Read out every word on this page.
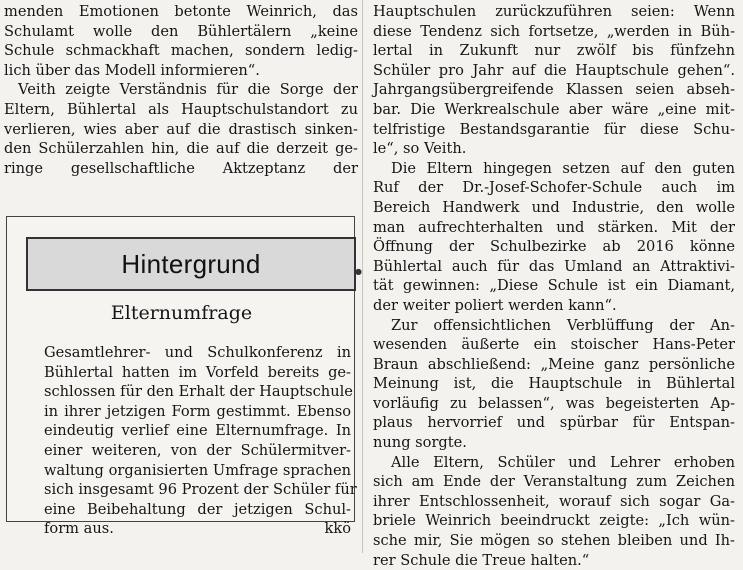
menden Emotionen betonte Weinrich, das
Schulamt wolle den Bühlertälern „keine
Schule schmackhaft machen, sondern ledig-
lich über das Modell informieren“.

Veith zeigte Verständnis für die Sorge der
Eltern, Bühlertal als Hauptschulstandort zu
verlieren, wies aber auf die drastisch sinken-
den Schülerzahlen hin, die auf die derzeit ge-
ringe gesellschaftliche Aktzeptanz der

Hintergrund	●
Elternumfrage
Gesamtlehrer- und Schulkonferenz in
Bühlertal hatten im Vorfeld bereits ge-
schlossen für den Erhalt der Hauptschule
in ihrer jetzigen Form gestimmt. Ebenso
eindeutig verlief eine Elternumfrage. In
einer weiteren, von der Schülermitver-
waltung organisierten Umfrage sprachen
sich insgesamt 96 Prozent der Schüler für
eine Beibehaltung der jetzigen Schul-
form aus.	kkö

Hauptschulen zurückzuführen seien: Wenn
diese Tendenz sich fortsetze, „werden in Büh-
lertal in Zukunft nur zwölf bis fünfzehn
Schüler pro Jahr auf die Hauptschule gehen“.
Jahrgangsübergreifende Klassen seien abseh-
bar. Die Werkrealschule aber wäre „eine mit-
telfristige Bestandsgarantie für diese Schu-
le“, so Veith.

Die Eltern hingegen setzen auf den guten
Ruf der Dr.-Josef-Schofer-Schule auch im
Bereich Handwerk und Industrie, den wolle
man aufrechterhalten und stärken. Mit der
Öffnung der Schulbezirke ab 2016 könne
Bühlertal auch für das Umland an Attraktivi-
tät gewinnen: „Diese Schule ist ein Diamant,
der weiter poliert werden kann“.

Zur offensichtlichen Verblüffung der An-
wesenden äußerte ein stoischer Hans-Peter
Braun abschließend: „Meine ganz persönliche
Meinung ist, die Hauptschule in Bühlertal
vorläufig zu belassen“, was begeisterten Ap-
plaus hervorrief und spürbar für Entspan-
nung sorgte.

Alle Eltern, Schüler und Lehrer erhoben
sich am Ende der Veranstaltung zum Zeichen
ihrer Entschlossenheit, worauf sich sogar Ga-
briele Weinrich beeindruckt zeigte: „Ich wün-
sche mir, Sie mögen so stehen bleiben und Ih-
rer Schule die Treue halten.“
